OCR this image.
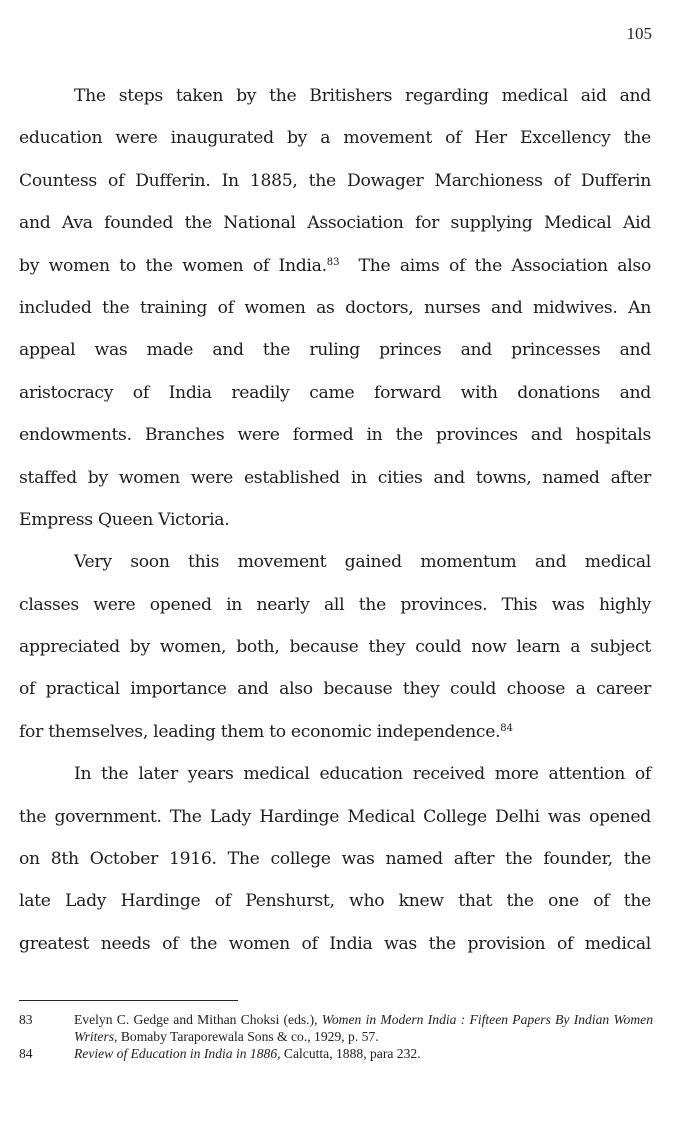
105
The steps taken by the Britishers regarding medical aid and
education were inaugurated by a movement of Her Excellency the
Countess of Dufferin. In 1885, the Dowager Marchioness of Dufferin
and Ava founded the National Association for supplying Medical Aid
by women to the women of India.$^{83}$  The aims of the Association also
included the training of women as doctors, nurses and midwives. An
appeal was made and the ruling princes and princesses and
aristocracy of India readily came forward with donations and
endowments. Branches were formed in the provinces and hospitals
staffed by women were established in cities and towns, named after
Empress Queen Victoria.
Very soon this movement gained momentum and medical
classes were opened in nearly all the provinces. This was highly
appreciated by women, both, because they could now learn a subject
of practical importance and also because they could choose a career
for themselves, leading them to economic independence.$^{84}$
In the later years medical education received more attention of
the government. The Lady Hardinge Medical College Delhi was opened
on 8th October 1916. The college was named after the founder, the
late Lady Hardinge of Penshurst, who knew that the one of the
greatest needs of the women of India was the provision of medical
83	Evelyn C. Gedge and Mithan Choksi (eds.), Women in Modern India : Fifteen Papers By Indian Women Writers, Bomaby Taraporewala Sons & co., 1929, p. 57.
84	Review of Education in India in 1886, Calcutta, 1888, para 232.
